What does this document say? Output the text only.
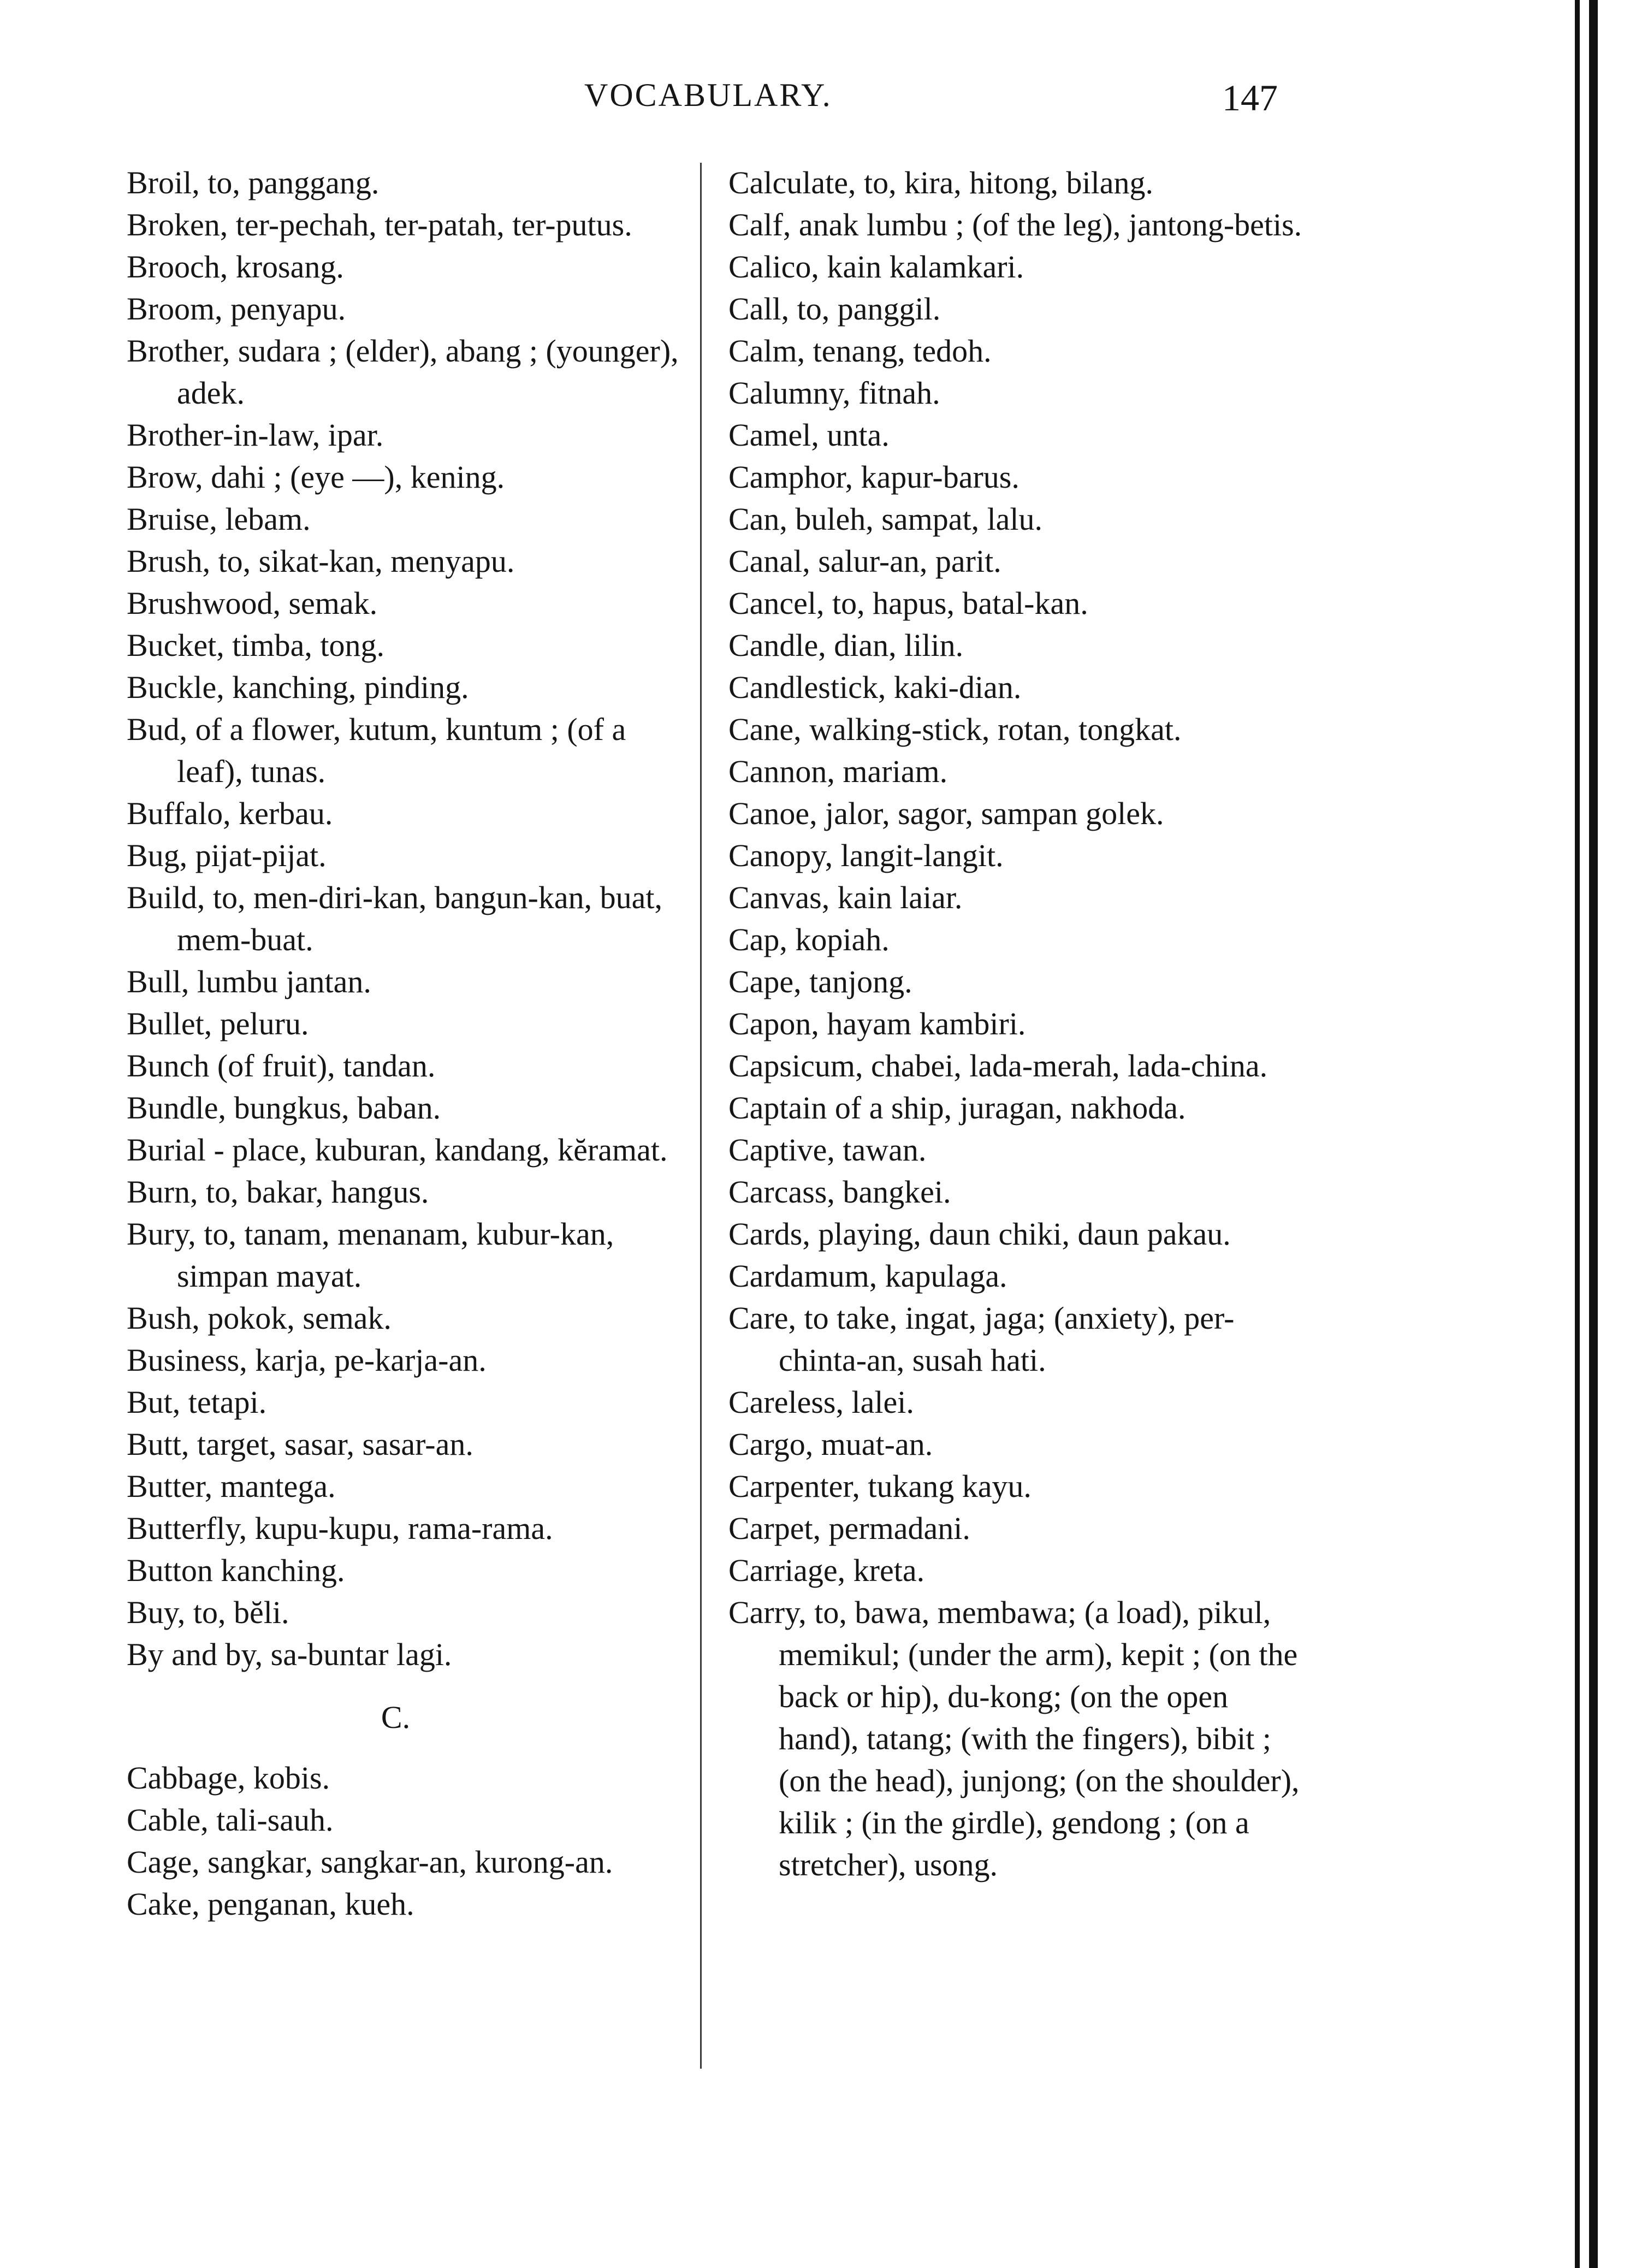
VOCABULARY.	147
Broil, to, panggang.
Broken, ter-pechah, ter-patah, ter-putus.
Brooch, krosang.
Broom, penyapu.
Brother, sudara ; (elder), abang ; (younger), adek.
Brother-in-law, ipar.
Brow, dahi ; (eye —), kening.
Bruise, lebam.
Brush, to, sikat-kan, menyapu.
Brushwood, semak.
Bucket, timba, tong.
Buckle, kanching, pinding.
Bud, of a flower, kutum, kuntum ; (of a leaf), tunas.
Buffalo, kerbau.
Bug, pijat-pijat.
Build, to, men-diri-kan, bangun-kan, buat, mem-buat.
Bull, lumbu jantan.
Bullet, peluru.
Bunch (of fruit), tandan.
Bundle, bungkus, baban.
Burial - place, kuburan, kandang, kĕramat.
Burn, to, bakar, hangus.
Bury, to, tanam, menanam, kubur-kan, simpan mayat.
Bush, pokok, semak.
Business, karja, pe-karja-an.
But, tetapi.
Butt, target, sasar, sasar-an.
Butter, mantega.
Butterfly, kupu-kupu, rama-rama.
Button kanching.
Buy, to, bĕli.
By and by, sa-buntar lagi.
C.
Cabbage, kobis.
Cable, tali-sauh.
Cage, sangkar, sangkar-an, kurong-an.
Cake, penganan, kueh.
Calculate, to, kira, hitong, bilang.
Calf, anak lumbu ; (of the leg), jantong-betis.
Calico, kain kalamkari.
Call, to, panggil.
Calm, tenang, tedoh.
Calumny, fitnah.
Camel, unta.
Camphor, kapur-barus.
Can, buleh, sampat, lalu.
Canal, salur-an, parit.
Cancel, to, hapus, batal-kan.
Candle, dian, lilin.
Candlestick, kaki-dian.
Cane, walking-stick, rotan, tongkat.
Cannon, mariam.
Canoe, jalor, sagor, sampan golek.
Canopy, langit-langit.
Canvas, kain laiar.
Cap, kopiah.
Cape, tanjong.
Capon, hayam kambiri.
Capsicum, chabei, lada-merah, lada-china.
Captain of a ship, juragan, nakhoda.
Captive, tawan.
Carcass, bangkei.
Cards, playing, daun chiki, daun pakau.
Cardamum, kapulaga.
Care, to take, ingat, jaga; (anxiety), per-chinta-an, susah hati.
Careless, lalei.
Cargo, muat-an.
Carpenter, tukang kayu.
Carpet, permadani.
Carriage, kreta.
Carry, to, bawa, membawa; (a load), pikul, memikul; (under the arm), kepit ; (on the back or hip), du-kong; (on the open hand), tatang; (with the fingers), bibit ; (on the head), junjong; (on the shoulder), kilik ; (in the girdle), gendong ; (on a stretcher), usong.
